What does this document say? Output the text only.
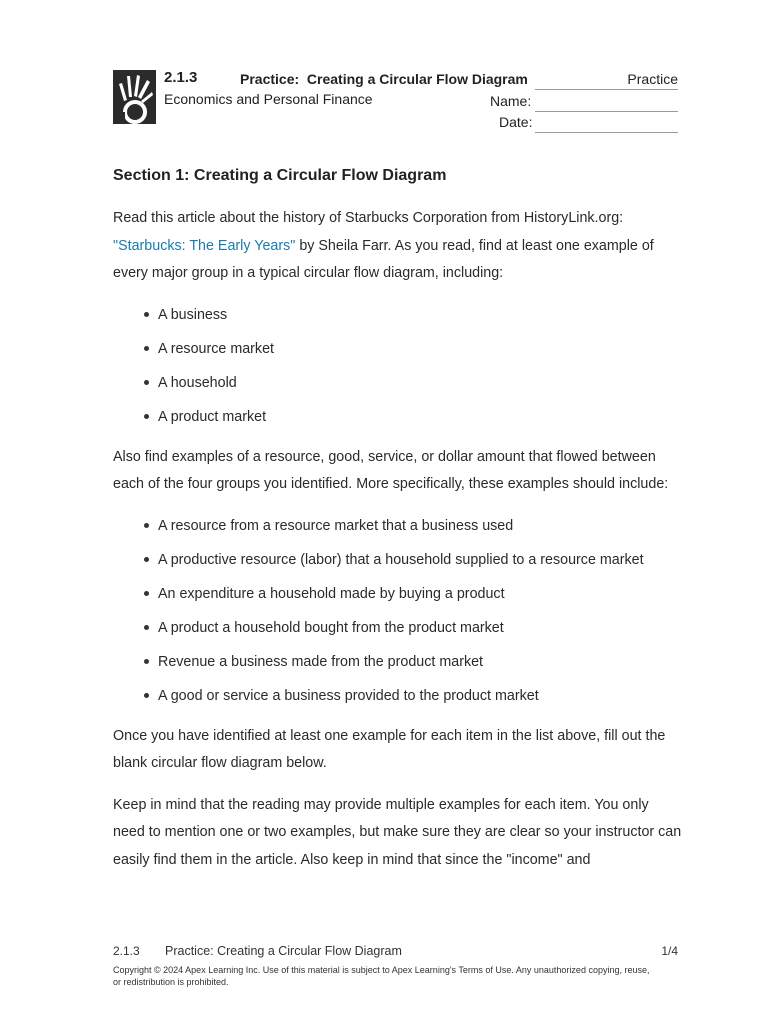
2.1.3	Practice:  Creating a Circular Flow Diagram	Practice
Economics and Personal Finance	Name:
Date:
Section 1: Creating a Circular Flow Diagram

Read this article about the history of Starbucks Corporation from HistoryLink.org: "Starbucks: The Early Years" by Sheila Farr. As you read, find at least one example of every major group in a typical circular flow diagram, including:

A business
A resource market
A household
A product market

Also find examples of a resource, good, service, or dollar amount that flowed between each of the four groups you identified. More specifically, these examples should include:

A resource from a resource market that a business used
A productive resource (labor) that a household supplied to a resource market
An expenditure a household made by buying a product
A product a household bought from the product market
Revenue a business made from the product market
A good or service a business provided to the product market

Once you have identified at least one example for each item in the list above, fill out the blank circular flow diagram below.

Keep in mind that the reading may provide multiple examples for each item. You only need to mention one or two examples, but make sure they are clear so your instructor can easily find them in the article. Also keep in mind that since the "income" and

2.1.3 Practice: Creating a Circular Flow Diagram	1/4
Copyright © 2024 Apex Learning Inc. Use of this material is subject to Apex Learning's Terms of Use. Any unauthorized copying, reuse, or redistribution is prohibited.
